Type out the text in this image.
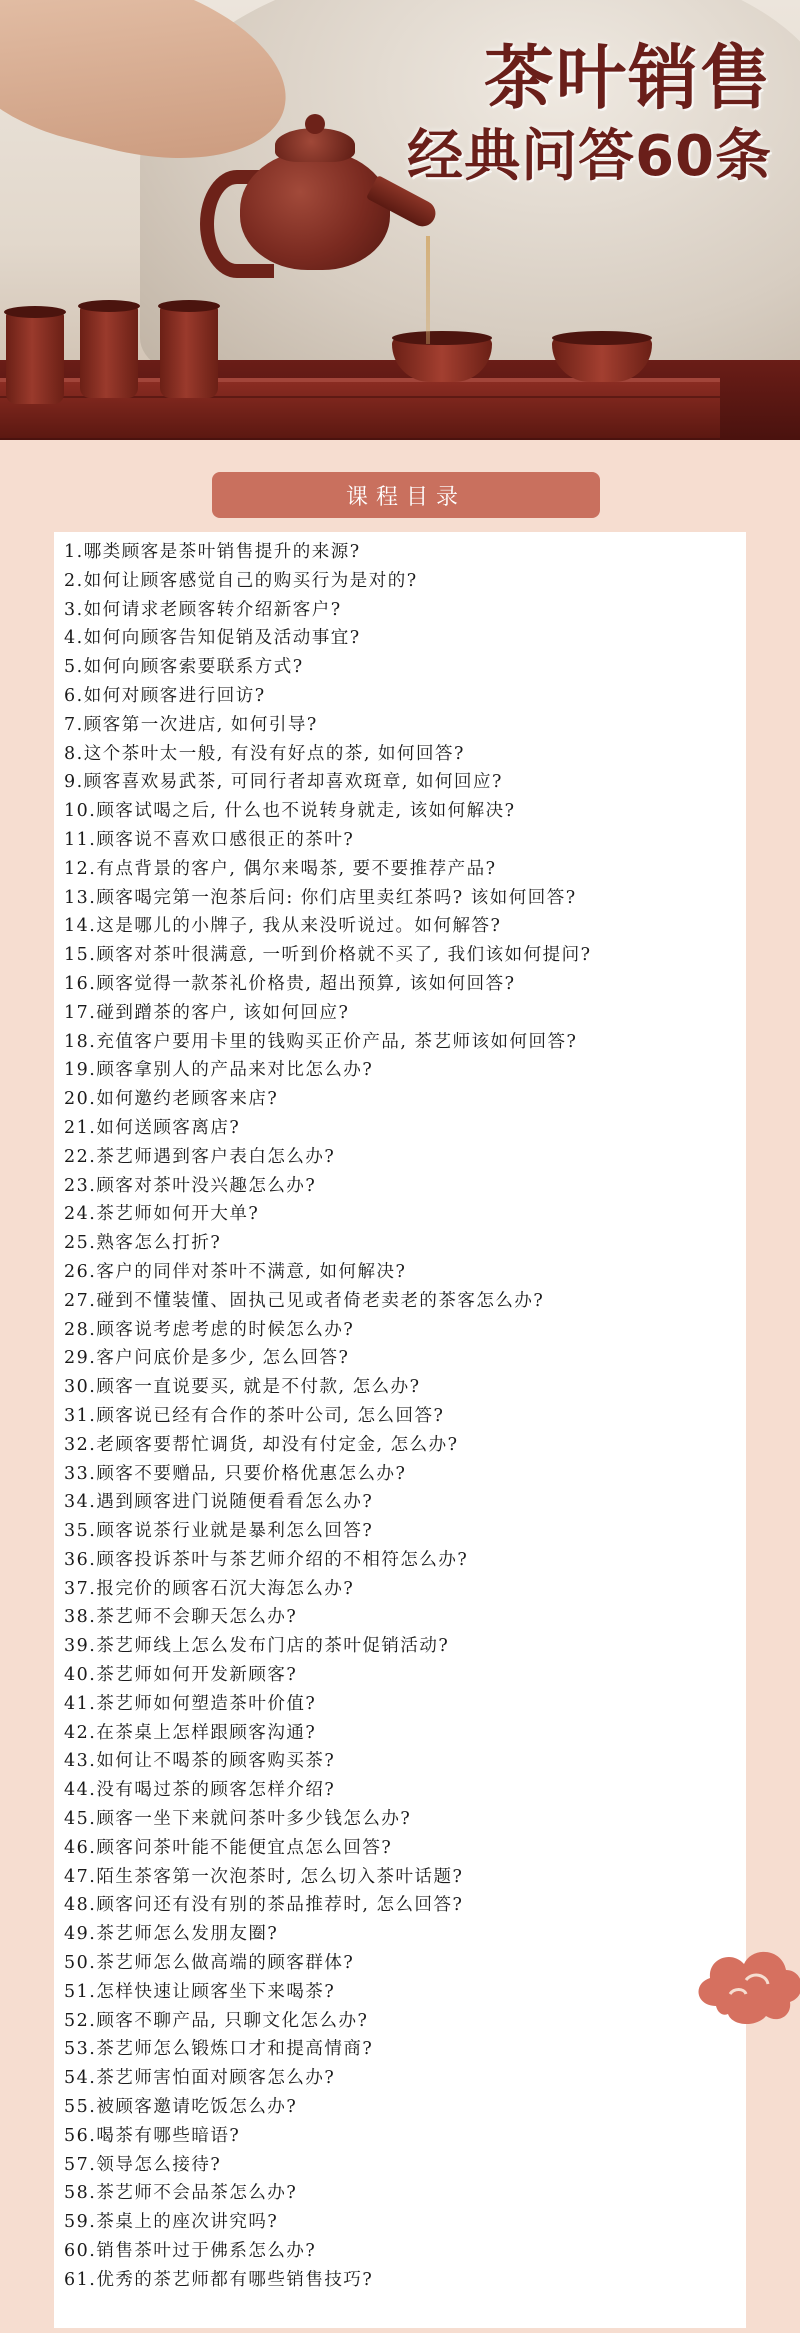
茶叶销售
经典问答60条
课程目录
1.哪类顾客是茶叶销售提升的来源?
2.如何让顾客感觉自己的购买行为是对的?
3.如何请求老顾客转介绍新客户?
4.如何向顾客告知促销及活动事宜?
5.如何向顾客索要联系方式?
6.如何对顾客进行回访?
7.顾客第一次进店, 如何引导?
8.这个茶叶太一般, 有没有好点的茶, 如何回答?
9.顾客喜欢易武茶, 可同行者却喜欢斑章, 如何回应?
10.顾客试喝之后, 什么也不说转身就走, 该如何解决?
11.顾客说不喜欢口感很正的茶叶?
12.有点背景的客户, 偶尔来喝茶, 要不要推荐产品?
13.顾客喝完第一泡茶后问: 你们店里卖红茶吗? 该如何回答?
14.这是哪儿的小牌子, 我从来没听说过。如何解答?
15.顾客对茶叶很满意, 一听到价格就不买了, 我们该如何提问?
16.顾客觉得一款茶礼价格贵, 超出预算, 该如何回答?
17.碰到蹭茶的客户, 该如何回应?
18.充值客户要用卡里的钱购买正价产品, 茶艺师该如何回答?
19.顾客拿别人的产品来对比怎么办?
20.如何邀约老顾客来店?
21.如何送顾客离店?
22.茶艺师遇到客户表白怎么办?
23.顾客对茶叶没兴趣怎么办?
24.茶艺师如何开大单?
25.熟客怎么打折?
26.客户的同伴对茶叶不满意, 如何解决?
27.碰到不懂装懂、固执己见或者倚老卖老的茶客怎么办?
28.顾客说考虑考虑的时候怎么办?
29.客户问底价是多少, 怎么回答?
30.顾客一直说要买, 就是不付款, 怎么办?
31.顾客说已经有合作的茶叶公司, 怎么回答?
32.老顾客要帮忙调货, 却没有付定金, 怎么办?
33.顾客不要赠品, 只要价格优惠怎么办?
34.遇到顾客进门说随便看看怎么办?
35.顾客说茶行业就是暴利怎么回答?
36.顾客投诉茶叶与茶艺师介绍的不相符怎么办?
37.报完价的顾客石沉大海怎么办?
38.茶艺师不会聊天怎么办?
39.茶艺师线上怎么发布门店的茶叶促销活动?
40.茶艺师如何开发新顾客?
41.茶艺师如何塑造茶叶价值?
42.在茶桌上怎样跟顾客沟通?
43.如何让不喝茶的顾客购买茶?
44.没有喝过茶的顾客怎样介绍?
45.顾客一坐下来就问茶叶多少钱怎么办?
46.顾客问茶叶能不能便宜点怎么回答?
47.陌生茶客第一次泡茶时, 怎么切入茶叶话题?
48.顾客问还有没有别的茶品推荐时, 怎么回答?
49.茶艺师怎么发朋友圈?
50.茶艺师怎么做高端的顾客群体?
51.怎样快速让顾客坐下来喝茶?
52.顾客不聊产品, 只聊文化怎么办?
53.茶艺师怎么锻炼口才和提高情商?
54.茶艺师害怕面对顾客怎么办?
55.被顾客邀请吃饭怎么办?
56.喝茶有哪些暗语?
57.领导怎么接待?
58.茶艺师不会品茶怎么办?
59.茶桌上的座次讲究吗?
60.销售茶叶过于佛系怎么办?
61.优秀的茶艺师都有哪些销售技巧?
